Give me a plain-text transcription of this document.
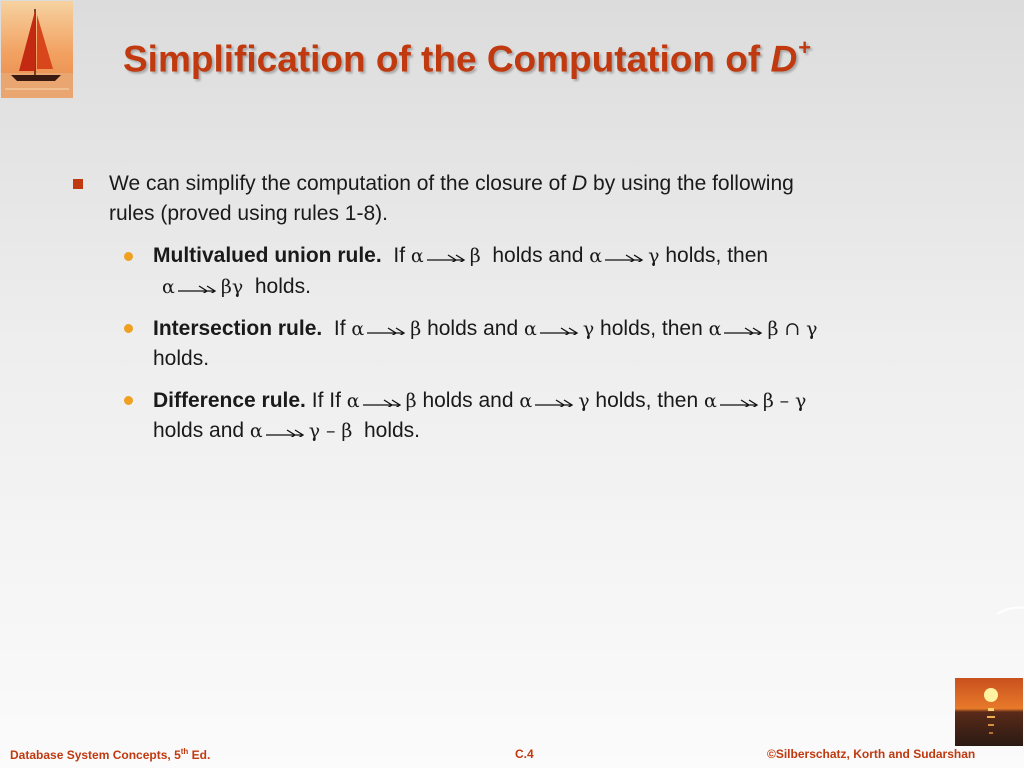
Simplification of the Computation of D+
We can simplify the computation of the closure of D by using the following
rules (proved using rules 1-8).
Multivalued union rule. If α β holds and α γ holds, then
α βγ holds.
Intersection rule. If α β holds and α γ holds, then α β ∩ γ
holds.
Difference rule. If If α β holds and α γ holds, then α β – γ
holds and α γ – β holds.
Database System Concepts, 5th Ed.	C.4	©Silberschatz, Korth and Sudarshan
